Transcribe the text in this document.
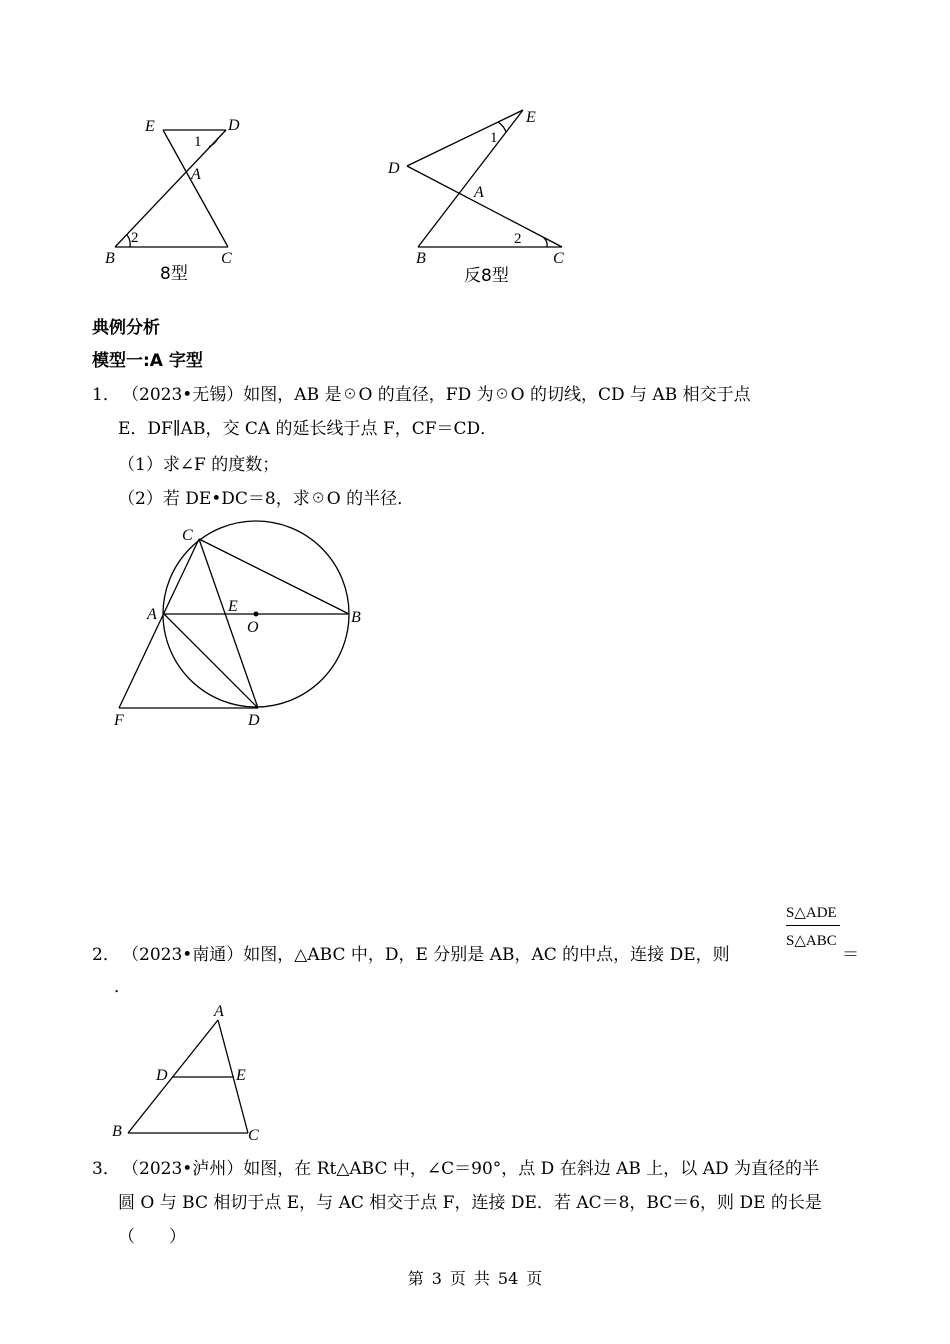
E	D
1
A
2
B	C
8型
E
1
D
A
2
B	C
反8型
典例分析
模型一:A 字型
1． （2023•无锡）如图，AB 是☉O 的直径，FD 为☉O 的切线，CD 与 AB 相交于点
E．DF∥AB，交 CA 的延长线于点 F，CF＝CD．
（1）求∠F 的度数；
（2）若 DE•DC＝8，求☉O 的半径．
C
A	E
O
B
F	D
S△ADE
S△ABC
2． （2023•南通）如图，△ABC 中，D，E 分别是 AB，AC 的中点，连接 DE，则	＝
．
A
D	E
B	C
3． （2023•泸州）如图，在 Rt△ABC 中，∠C＝90°，点 D 在斜边 AB 上，以 AD 为直径的半
圆 O 与 BC 相切于点 E，与 AC 相交于点 F，连接 DE．若 AC＝8，BC＝6，则 DE 的长是
（　　）
第 3 页 共 54 页
